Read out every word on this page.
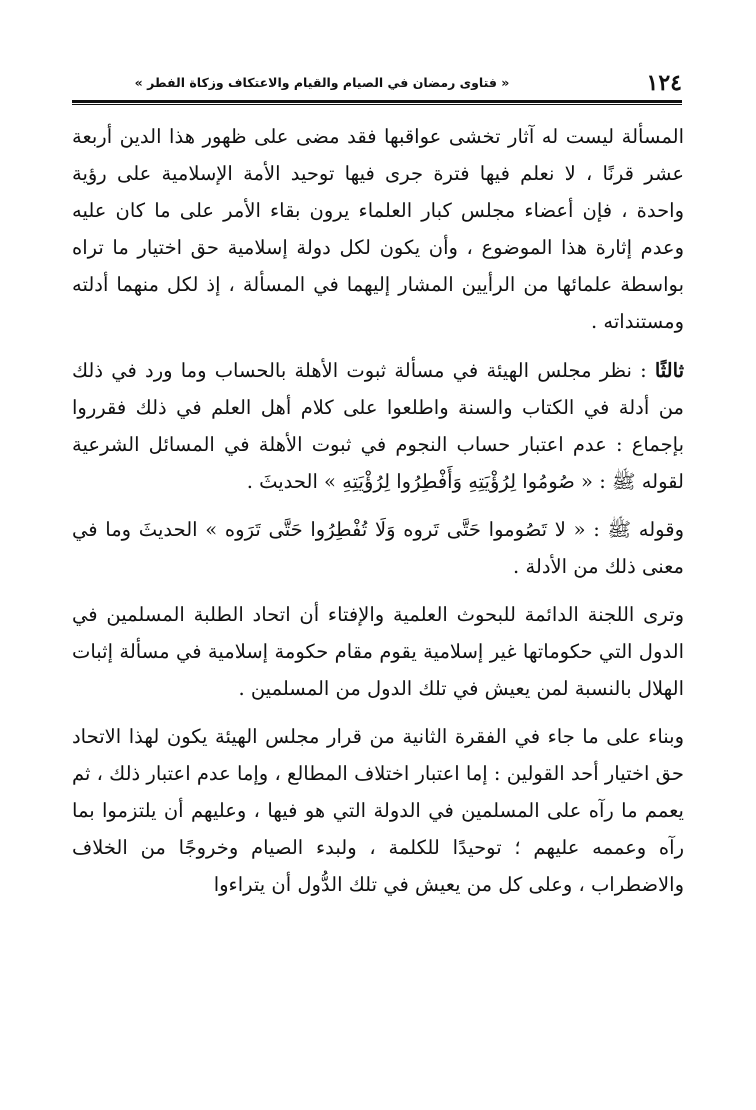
١٢٤
« فتاوى رمضان في الصيام والقيام والاعتكاف وزكاة الفطر »

المسألة ليست له آثار تخشى عواقبها فقد مضى على ظهور هذا الدين أربعة عشر قرنًا ، لا نعلم فيها فترة جرى فيها توحيد الأمة الإسلامية على رؤية واحدة ، فإن أعضاء مجلس كبار العلماء يرون بقاء الأمر على ما كان عليه وعدم إثارة هذا الموضوع ، وأن يكون لكل دولة إسلامية حق اختيار ما تراه بواسطة علمائها من الرأيين المشار إليهما في المسألة ، إذ لكل منهما أدلته ومستنداته .

ثالثًا : نظر مجلس الهيئة في مسألة ثبوت الأهلة بالحساب وما ورد في ذلك من أدلة في الكتاب والسنة واطلعوا على كلام أهل العلم في ذلك فقرروا بإجماع : عدم اعتبار حساب النجوم في ثبوت الأهلة في المسائل الشرعية لقوله ﷺ : « صُومُوا لِرُؤْيَتِهِ وَأَفْطِرُوا لِرُؤْيَتِهِ » الحديثَ .

وقوله ﷺ : « لا تَصُوموا حَتَّى تَروه وَلَا تُفْطِرُوا حَتَّى تَرَوه » الحديثَ وما في معنى ذلك من الأدلة .

وترى اللجنة الدائمة للبحوث العلمية والإفتاء أن اتحاد الطلبة المسلمين في الدول التي حكوماتها غير إسلامية يقوم مقام حكومة إسلامية في مسألة إثبات الهلال بالنسبة لمن يعيش في تلك الدول من المسلمين .

وبناء على ما جاء في الفقرة الثانية من قرار مجلس الهيئة يكون لهذا الاتحاد حق اختيار أحد القولين : إما اعتبار اختلاف المطالع ، وإما عدم اعتبار ذلك ، ثم يعمم ما رآه على المسلمين في الدولة التي هو فيها ، وعليهم أن يلتزموا بما رآه وعممه عليهم ؛ توحيدًا للكلمة ، ولبدء الصيام وخروجًا من الخلاف والاضطراب ، وعلى كل من يعيش في تلك الدُّول أن يتراءوا
